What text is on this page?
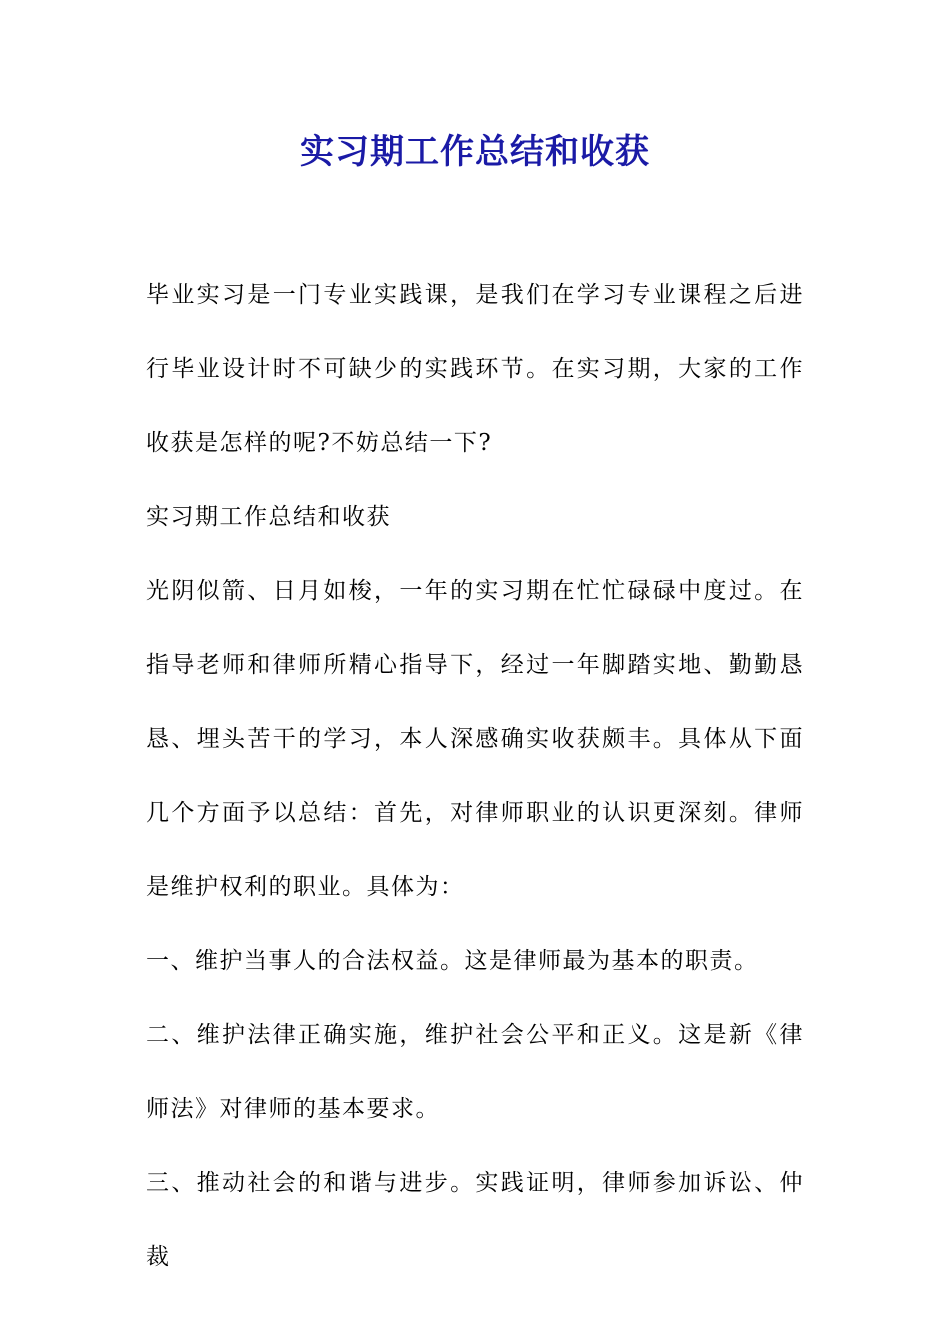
实习期工作总结和收获

毕业实习是一门专业实践课，是我们在学习专业课程之后进行毕业设计时不可缺少的实践环节。在实习期，大家的工作收获是怎样的呢?不妨总结一下?

实习期工作总结和收获

光阴似箭、日月如梭，一年的实习期在忙忙碌碌中度过。在指导老师和律师所精心指导下，经过一年脚踏实地、勤勤恳恳、埋头苦干的学习，本人深感确实收获颇丰。具体从下面几个方面予以总结：首先，对律师职业的认识更深刻。律师是维护权利的职业。具体为：

一、维护当事人的合法权益。这是律师最为基本的职责。

二、维护法律正确实施，维护社会公平和正义。这是新《律师法》对律师的基本要求。

三、推动社会的和谐与进步。实践证明，律师参加诉讼、仲裁
